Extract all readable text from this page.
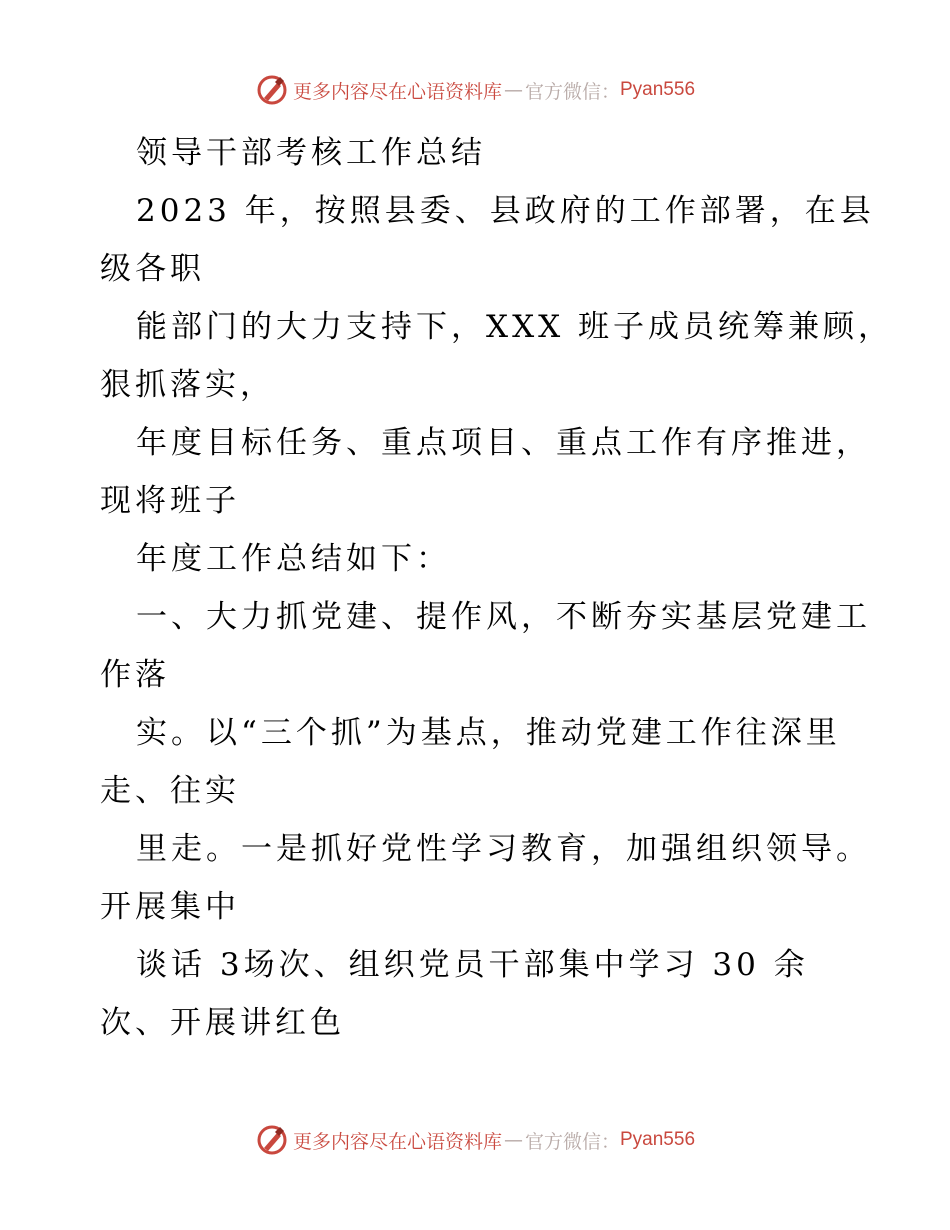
更多内容尽在心语资料库 — 官方微信： Pyan556
领导干部考核工作总结
2023 年，按照县委、县政府的工作部署，在县
级各职
能部门的大力支持下，XXX 班子成员统筹兼顾，
狠抓落实，
年度目标任务、重点项目、重点工作有序推进，
现将班子
年度工作总结如下：
一、大力抓党建、提作风，不断夯实基层党建工
作落
实。以“三个抓”为基点，推动党建工作往深里
走、往实
里走。一是抓好党性学习教育，加强组织领导。
开展集中
谈话 3场次、组织党员干部集中学习 30 余
次、开展讲红色
更多内容尽在心语资料库 — 官方微信： Pyan556
